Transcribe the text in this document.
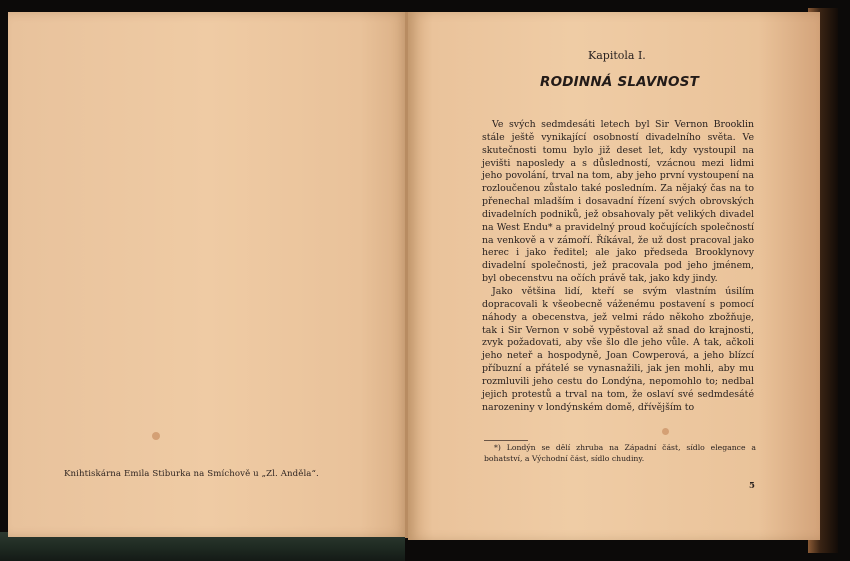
Knihtiskárna Emila Stiburka na Smíchově u „Zl. Anděla“.
Kapitola I.
RODINNÁ SLAVNOST

Ve svých sedmdesáti letech byl Sir Vernon Brooklin stále ještě vynikající osobností divadelního světa. Ve skutečnosti tomu bylo již deset let, kdy vystoupil na jevišti naposledy a s důsledností, vzácnou mezi lidmi jeho povolání, trval na tom, aby jeho první vystoupení na rozloučenou zůstalo také posledním. Za nějaký čas na to přenechal mladším i dosavadní řízení svých obrovských divadelních podniků, jež obsahovaly pět velikých divadel na West Endu* a pravidelný proud kočujících společností na venkově a v zámoří. Říkával, že už dost pracoval jako herec i jako ředitel; ale jako předseda Brooklynovy divadelní společnosti, jež pracovala pod jeho jménem, byl obecenstvu na očích právě tak, jako kdy jindy.

Jako většina lidí, kteří se svým vlastním úsilím dopracovali k všeobecně váženému postavení s pomocí náhody a obecenstva, jež velmi rádo někoho zbožňuje, tak i Sir Vernon v sobě vypěstoval až snad do krajnosti, zvyk požadovati, aby vše šlo dle jeho vůle. A tak, ačkoli jeho neteř a hospodyně, Joan Cowperová, a jeho blízcí příbuzní a přátelé se vynasnažili, jak jen mohli, aby mu rozmluvili jeho cestu do Londýna, nepomohlo to; nedbal jejich protestů a trval na tom, že oslaví své sedmdesáté narozeniny v londýnském domě, dřívějším to

*) Londýn se dělí zhruba na Západní část, sídlo elegance a bohatství, a Východní část, sídlo chudiny.
5
